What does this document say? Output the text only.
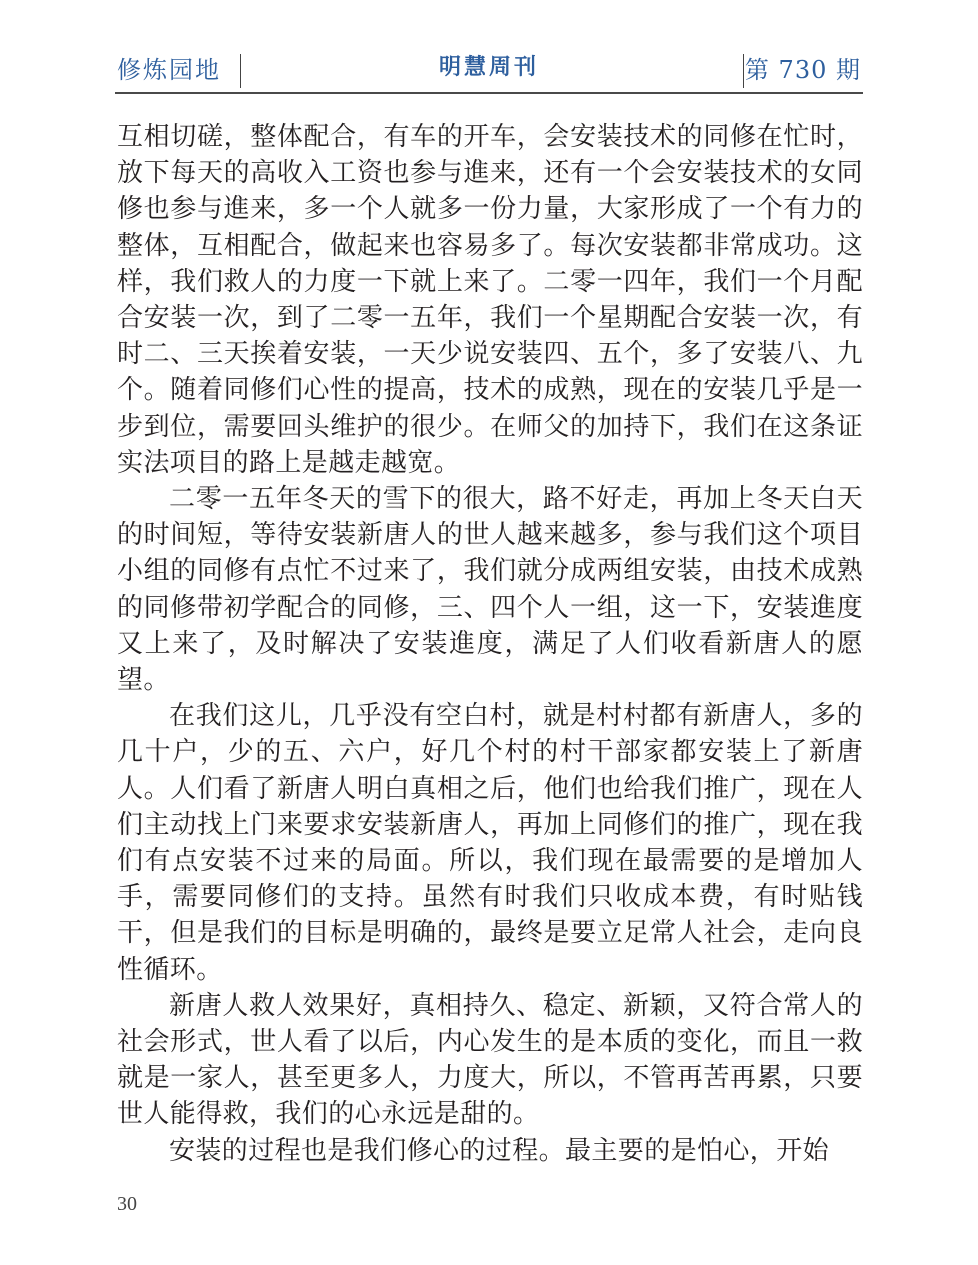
修炼园地	明慧周刊	第 730 期

互相切磋，整体配合，有车的开车，会安装技术的同修在忙时，放下每天的高收入工资也参与進来，还有一个会安装技术的女同修也参与進来，多一个人就多一份力量，大家形成了一个有力的整体，互相配合，做起来也容易多了。每次安装都非常成功。这样，我们救人的力度一下就上来了。二零一四年，我们一个月配合安装一次，到了二零一五年，我们一个星期配合安装一次，有时二、三天挨着安装，一天少说安装四、五个，多了安装八、九个。随着同修们心性的提高，技术的成熟，现在的安装几乎是一步到位，需要回头维护的很少。在师父的加持下，我们在这条证实法项目的路上是越走越宽。

二零一五年冬天的雪下的很大，路不好走，再加上冬天白天的时间短，等待安装新唐人的世人越来越多，参与我们这个项目小组的同修有点忙不过来了，我们就分成两组安装，由技术成熟的同修带初学配合的同修，三、四个人一组，这一下，安装進度又上来了，及时解决了安装進度，满足了人们收看新唐人的愿望。

在我们这儿，几乎没有空白村，就是村村都有新唐人，多的几十户，少的五、六户，好几个村的村干部家都安装上了新唐人。人们看了新唐人明白真相之后，他们也给我们推广，现在人们主动找上门来要求安装新唐人，再加上同修们的推广，现在我们有点安装不过来的局面。所以，我们现在最需要的是增加人手，需要同修们的支持。虽然有时我们只收成本费，有时贴钱干，但是我们的目标是明确的，最终是要立足常人社会，走向良性循环。

新唐人救人效果好，真相持久、稳定、新颖，又符合常人的社会形式，世人看了以后，内心发生的是本质的变化，而且一救就是一家人，甚至更多人，力度大，所以，不管再苦再累，只要世人能得救，我们的心永远是甜的。

安装的过程也是我们修心的过程。最主要的是怕心，开始

30
